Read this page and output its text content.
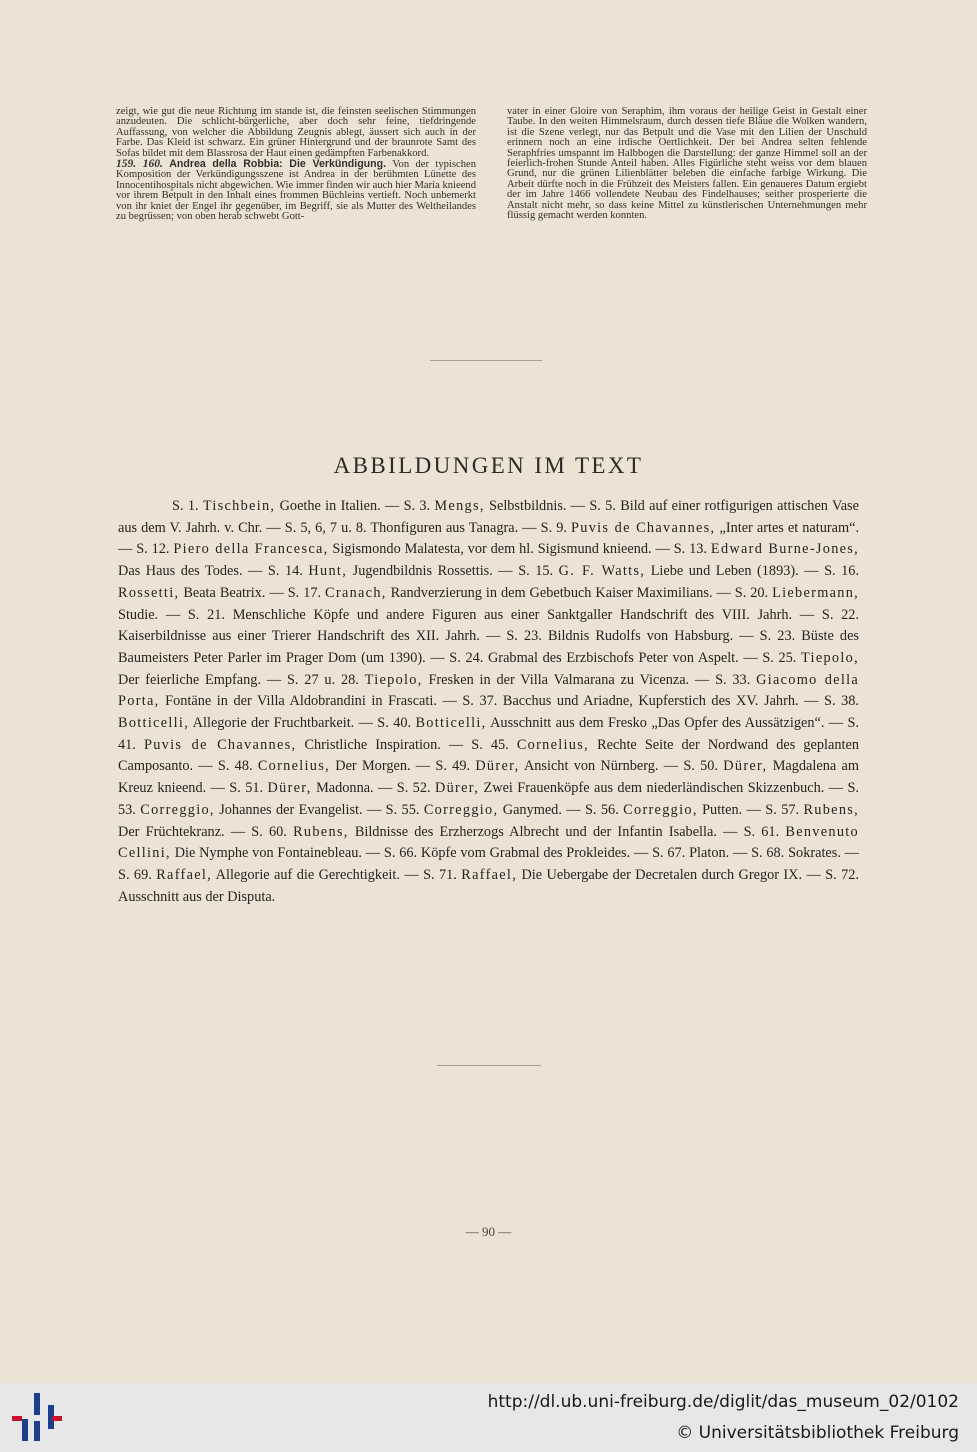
zeigt, wie gut die neue Richtung im stande ist, die feinsten seelischen Stimmungen anzudeuten. Die schlicht-bürgerliche, aber doch sehr feine, tiefdringende Auffassung, von welcher die Abbildung Zeugnis ablegt, äussert sich auch in der Farbe. Das Kleid ist schwarz. Ein grüner Hintergrund und der braunrote Samt des Sofas bildet mit dem Blassrosa der Haut einen gedämpften Farbenakkord.

159. 160. Andrea della Robbia: Die Verkündigung. Von der typischen Komposition der Verkündigungsszene ist Andrea in der berühmten Lünette des Innocentihospitals nicht abgewichen. Wie immer finden wir auch hier Maria knieend vor ihrem Betpult in den Inhalt eines frommen Büchleins vertieft. Noch unbemerkt von ihr kniet der Engel ihr gegenüber, im Begriff, sie als Mutter des Weltheilandes zu begrüssen; von oben herab schwebt Gott-

vater in einer Gloire von Seraphim, ihm voraus der heilige Geist in Gestalt einer Taube. In den weiten Himmelsraum, durch dessen tiefe Bläue die Wolken wandern, ist die Szene verlegt, nur das Betpult und die Vase mit den Lilien der Unschuld erinnern noch an eine irdische Oertlichkeit. Der bei Andrea selten fehlende Seraphfries umspannt im Halbbogen die Darstellung: der ganze Himmel soll an der feierlich-frohen Stunde Anteil haben. Alles Figürliche steht weiss vor dem blauen Grund, nur die grünen Lilienblätter beleben die einfache farbige Wirkung. Die Arbeit dürfte noch in die Frühzeit des Meisters fallen. Ein genaueres Datum ergiebt der im Jahre 1466 vollendete Neubau des Findelhauses; seither prosperierte die Anstalt nicht mehr, so dass keine Mittel zu künstlerischen Unternehmungen mehr flüssig gemacht werden konnten.

ABBILDUNGEN IM TEXT

S. 1. Tischbein, Goethe in Italien. — S. 3. Mengs, Selbstbildnis. — S. 5. Bild auf einer rotfigurigen attischen Vase aus dem V. Jahrh. v. Chr. — S. 5, 6, 7 u. 8. Thonfiguren aus Tanagra. — S. 9. Puvis de Chavannes, „Inter artes et naturam“. — S. 12. Piero della Francesca, Sigismondo Malatesta, vor dem hl. Sigismund knieend. — S. 13. Edward Burne-Jones, Das Haus des Todes. — S. 14. Hunt, Jugendbildnis Rossettis. — S. 15. G. F. Watts, Liebe und Leben (1893). — S. 16. Rossetti, Beata Beatrix. — S. 17. Cranach, Randverzierung in dem Gebetbuch Kaiser Maximilians. — S. 20. Liebermann, Studie. — S. 21. Menschliche Köpfe und andere Figuren aus einer Sanktgaller Handschrift des VIII. Jahrh. — S. 22. Kaiserbildnisse aus einer Trierer Handschrift des XII. Jahrh. — S. 23. Bildnis Rudolfs von Habsburg. — S. 23. Büste des Baumeisters Peter Parler im Prager Dom (um 1390). — S. 24. Grabmal des Erzbischofs Peter von Aspelt. — S. 25. Tiepolo, Der feierliche Empfang. — S. 27 u. 28. Tiepolo, Fresken in der Villa Valmarana zu Vicenza. — S. 33. Giacomo della Porta, Fontäne in der Villa Aldobrandini in Frascati. — S. 37. Bacchus und Ariadne, Kupferstich des XV. Jahrh. — S. 38. Botticelli, Allegorie der Fruchtbarkeit. — S. 40. Botticelli, Ausschnitt aus dem Fresko „Das Opfer des Aussätzigen“. — S. 41. Puvis de Chavannes, Christliche Inspiration. — S. 45. Cornelius, Rechte Seite der Nordwand des geplanten Camposanto. — S. 48. Cornelius, Der Morgen. — S. 49. Dürer, Ansicht von Nürnberg. — S. 50. Dürer, Magdalena am Kreuz knieend. — S. 51. Dürer, Madonna. — S. 52. Dürer, Zwei Frauenköpfe aus dem niederländischen Skizzenbuch. — S. 53. Correggio, Johannes der Evangelist. — S. 55. Correggio, Ganymed. — S. 56. Correggio, Putten. — S. 57. Rubens, Der Früchtekranz. — S. 60. Rubens, Bildnisse des Erzherzogs Albrecht und der Infantin Isabella. — S. 61. Benvenuto Cellini, Die Nymphe von Fontainebleau. — S. 66. Köpfe vom Grabmal des Prokleides. — S. 67. Platon. — S. 68. Sokrates. — S. 69. Raffael, Allegorie auf die Gerechtigkeit. — S. 71. Raffael, Die Uebergabe der Decretalen durch Gregor IX. — S. 72. Ausschnitt aus der Disputa.

— 90 —
http://dl.ub.uni-freiburg.de/diglit/das_museum_02/0102
© Universitätsbibliothek Freiburg
